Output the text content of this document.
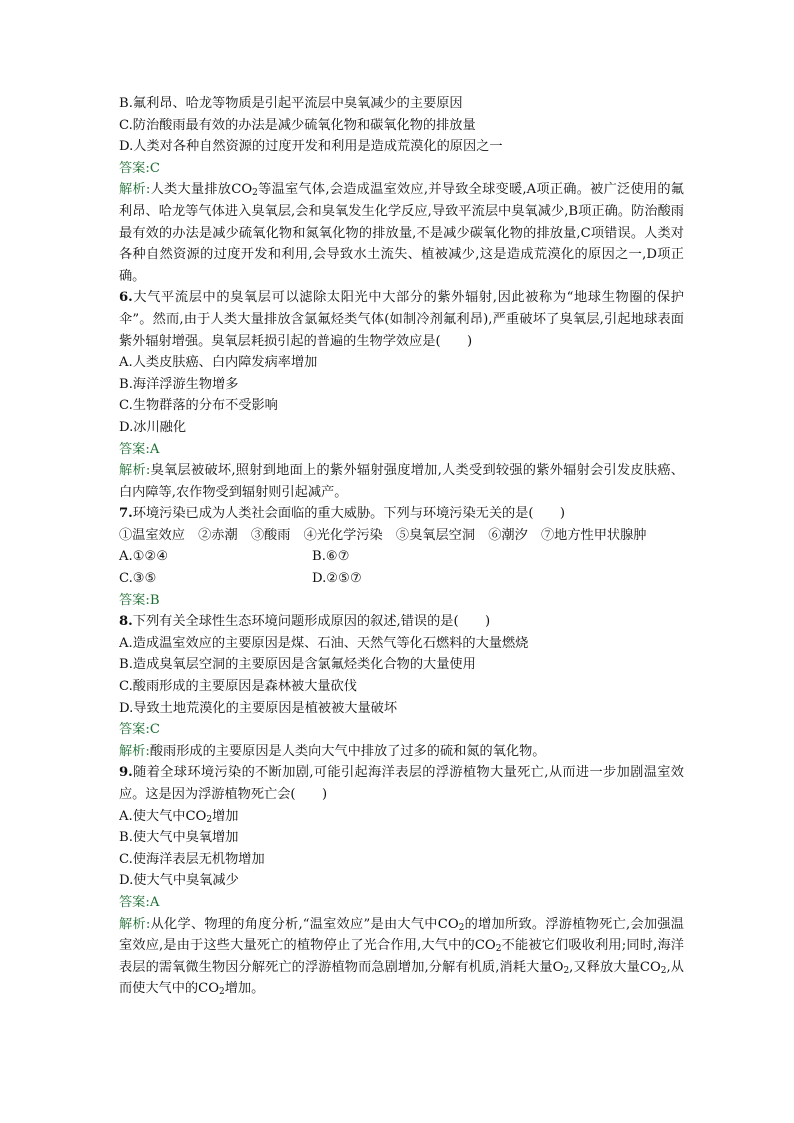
B.氟利昂、哈龙等物质是引起平流层中臭氧减少的主要原因
C.防治酸雨最有效的办法是减少硫氧化物和碳氧化物的排放量
D.人类对各种自然资源的过度开发和利用是造成荒漠化的原因之一
答案:C
解析:人类大量排放$CO_2$等温室气体,会造成温室效应,并导致全球变暖,A项正确。被广泛使用的氟利昂、哈龙等气体进入臭氧层,会和臭氧发生化学反应,导致平流层中臭氧减少,B项正确。防治酸雨最有效的办法是减少硫氧化物和氮氧化物的排放量,不是减少碳氧化物的排放量,C项错误。人类对各种自然资源的过度开发和利用,会导致水土流失、植被减少,这是造成荒漠化的原因之一,D项正确。
6.大气平流层中的臭氧层可以滤除太阳光中大部分的紫外辐射,因此被称为“地球生物圈的保护伞”。然而,由于人类大量排放含氯氟烃类气体(如制冷剂氟利昂),严重破坏了臭氧层,引起地球表面紫外辐射增强。臭氧层耗损引起的普遍的生物学效应是(　　)
A.人类皮肤癌、白内障发病率增加
B.海洋浮游生物增多
C.生物群落的分布不受影响
D.冰川融化
答案:A
解析:臭氧层被破坏,照射到地面上的紫外辐射强度增加,人类受到较强的紫外辐射会引发皮肤癌、白内障等,农作物受到辐射则引起减产。
7.环境污染已成为人类社会面临的重大威胁。下列与环境污染无关的是(　　)
①温室效应　②赤潮　③酸雨　④光化学污染　⑤臭氧层空洞　⑥潮汐　⑦地方性甲状腺肿
A.①②④	B.⑥⑦
C.③⑤	D.②⑤⑦
答案:B
8.下列有关全球性生态环境问题形成原因的叙述,错误的是(　　)
A.造成温室效应的主要原因是煤、石油、天然气等化石燃料的大量燃烧
B.造成臭氧层空洞的主要原因是含氯氟烃类化合物的大量使用
C.酸雨形成的主要原因是森林被大量砍伐
D.导致土地荒漠化的主要原因是植被被大量破坏
答案:C
解析:酸雨形成的主要原因是人类向大气中排放了过多的硫和氮的氧化物。
9.随着全球环境污染的不断加剧,可能引起海洋表层的浮游植物大量死亡,从而进一步加剧温室效应。这是因为浮游植物死亡会(　　)
A.使大气中$CO_2$增加
B.使大气中臭氧增加
C.使海洋表层无机物增加
D.使大气中臭氧减少
答案:A
解析:从化学、物理的角度分析,“温室效应”是由大气中$CO_2$的增加所致。浮游植物死亡,会加强温室效应,是由于这些大量死亡的植物停止了光合作用,大气中的$CO_2$不能被它们吸收利用;同时,海洋表层的需氧微生物因分解死亡的浮游植物而急剧增加,分解有机质,消耗大量$O_2$,又释放大量$CO_2$,从而使大气中的$CO_2$增加。
